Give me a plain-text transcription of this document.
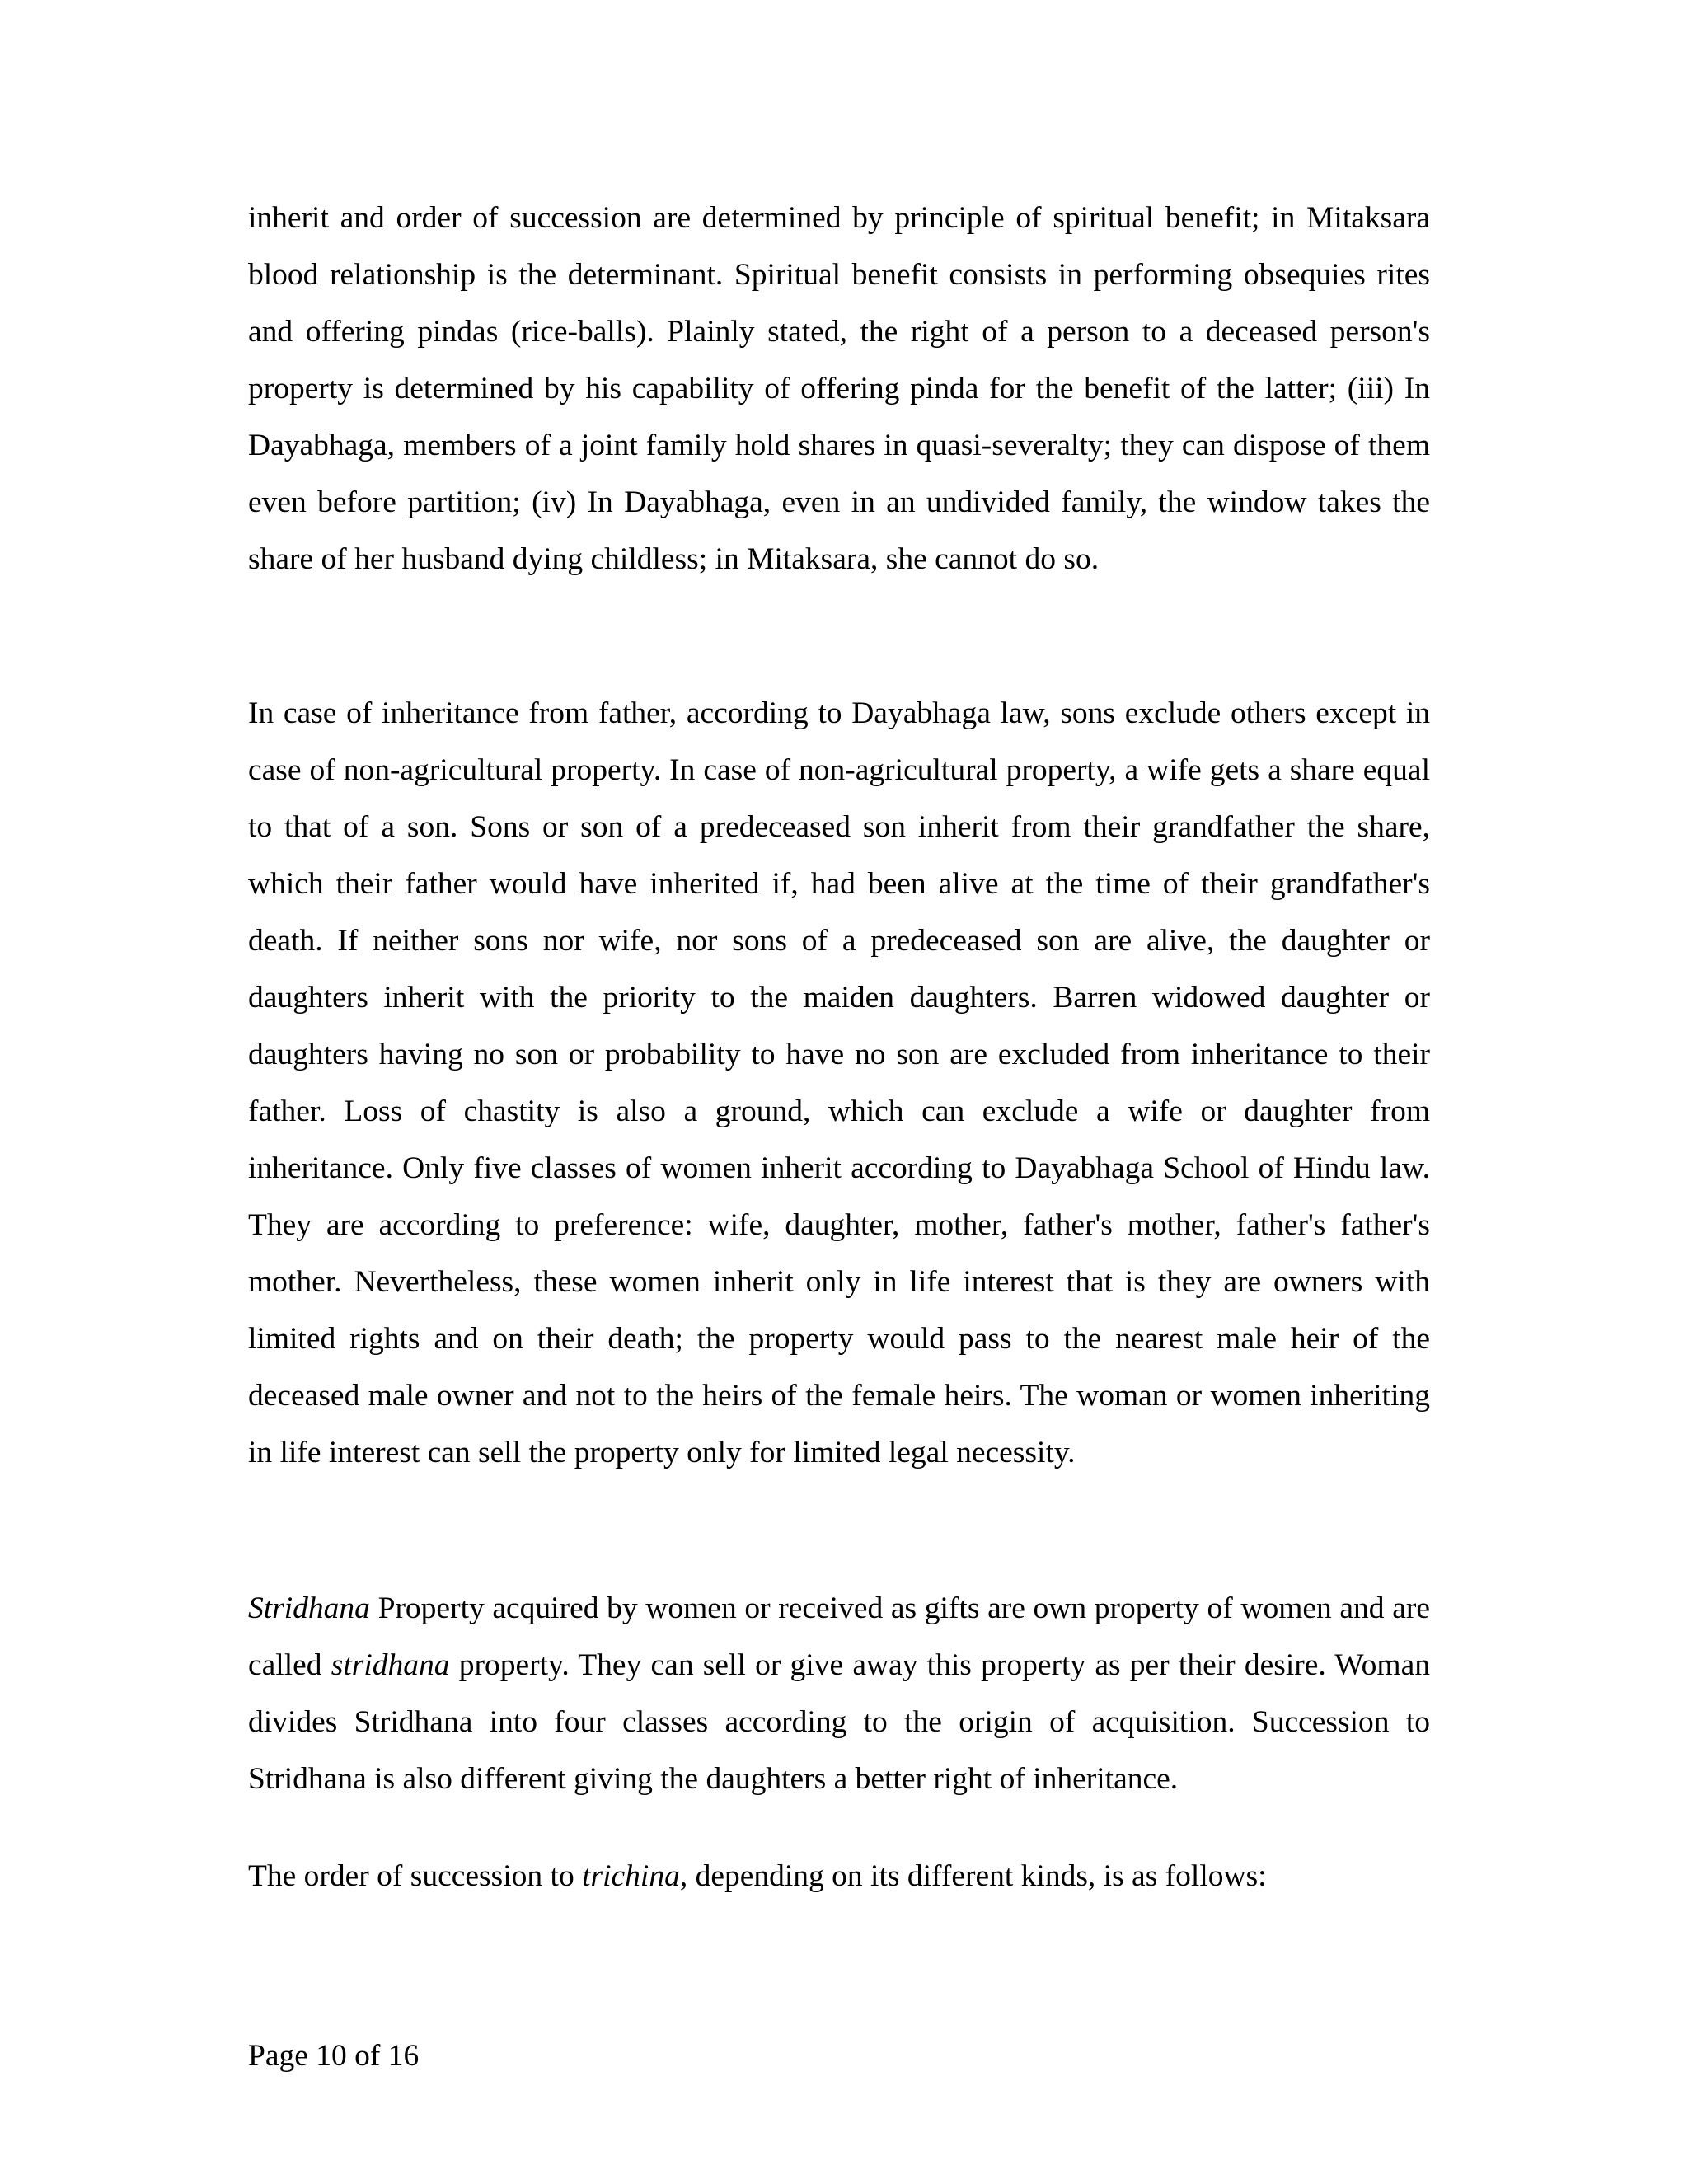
inherit and order of succession are determined by principle of spiritual benefit; in Mitaksara blood relationship is the determinant. Spiritual benefit consists in performing obsequies rites and offering pindas (rice-balls). Plainly stated, the right of a person to a deceased person's property is determined by his capability of offering pinda for the benefit of the latter; (iii) In Dayabhaga, members of a joint family hold shares in quasi-severalty; they can dispose of them even before partition; (iv) In Dayabhaga, even in an undivided family, the window takes the share of her husband dying childless; in Mitaksara, she cannot do so.

In case of inheritance from father, according to Dayabhaga law, sons exclude others except in case of non-agricultural property. In case of non-agricultural property, a wife gets a share equal to that of a son. Sons or son of a predeceased son inherit from their grandfather the share, which their father would have inherited if, had been alive at the time of their grandfather's death. If neither sons nor wife, nor sons of a predeceased son are alive, the daughter or daughters inherit with the priority to the maiden daughters. Barren widowed daughter or daughters having no son or probability to have no son are excluded from inheritance to their father. Loss of chastity is also a ground, which can exclude a wife or daughter from inheritance. Only five classes of women inherit according to Dayabhaga School of Hindu law. They are according to preference: wife, daughter, mother, father's mother, father's father's mother. Nevertheless, these women inherit only in life interest that is they are owners with limited rights and on their death; the property would pass to the nearest male heir of the deceased male owner and not to the heirs of the female heirs. The woman or women inheriting in life interest can sell the property only for limited legal necessity.

Stridhana Property acquired by women or received as gifts are own property of women and are called stridhana property. They can sell or give away this property as per their desire. Woman divides Stridhana into four classes according to the origin of acquisition. Succession to Stridhana is also different giving the daughters a better right of inheritance.

The order of succession to trichina, depending on its different kinds, is as follows:

Page 10 of 16
